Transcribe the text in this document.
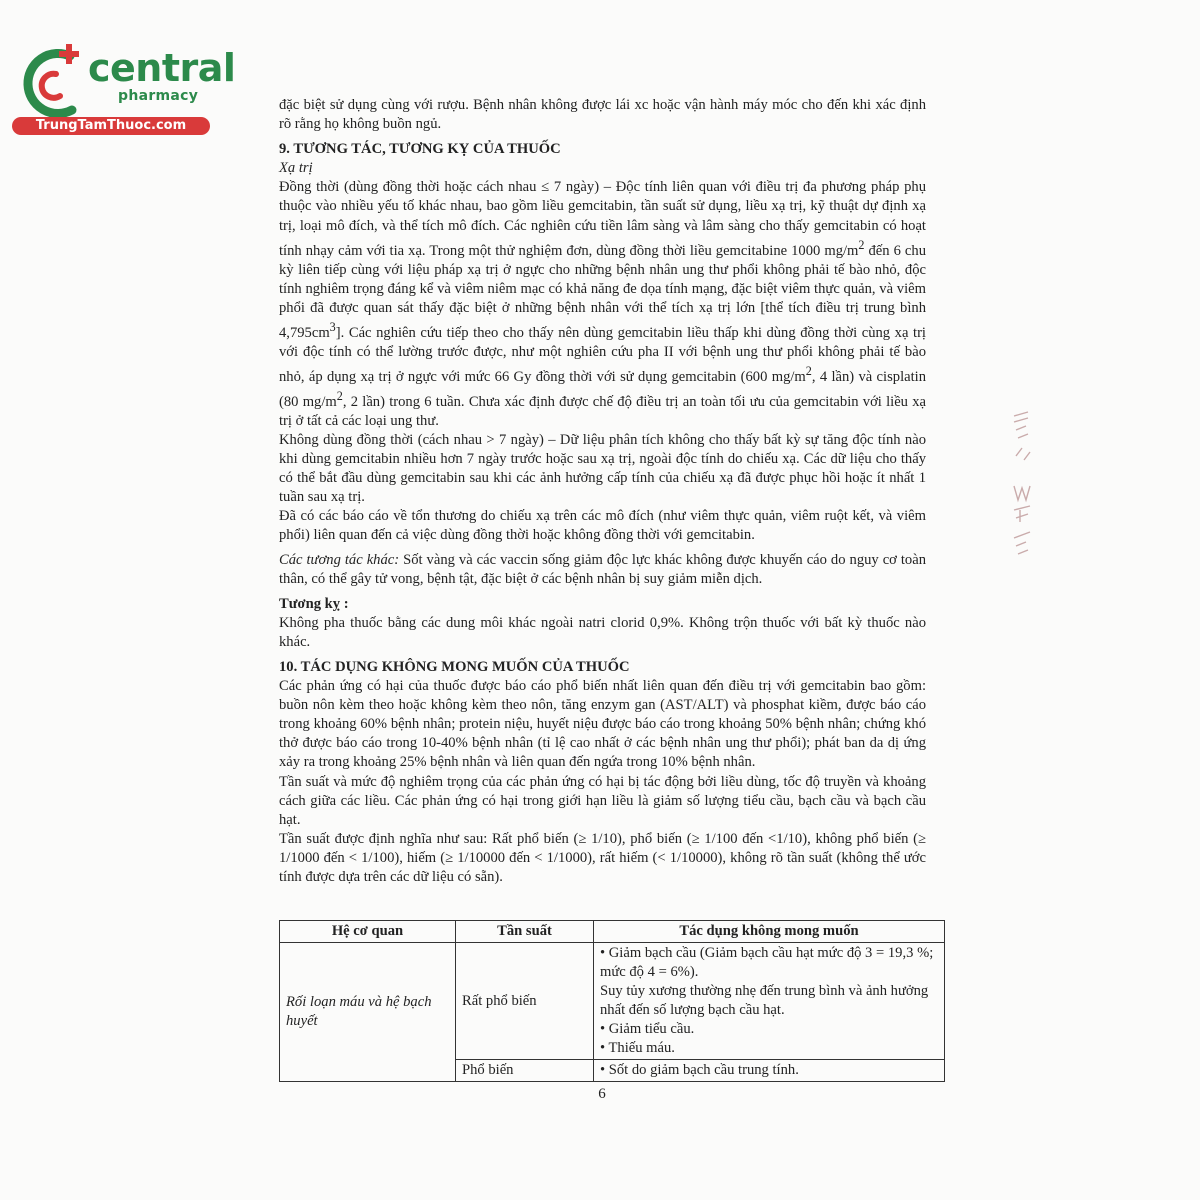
central
pharmacy
TrungTamThuoc.com

đặc biệt sử dụng cùng với rượu. Bệnh nhân không được lái xc hoặc vận hành máy móc cho đến khi xác định rõ rằng họ không buồn ngủ.

9. TƯƠNG TÁC, TƯƠNG KỴ CỦA THUỐC

Xạ trị

Đồng thời (dùng đồng thời hoặc cách nhau ≤ 7 ngày) – Độc tính liên quan với điều trị đa phương pháp phụ thuộc vào nhiều yếu tố khác nhau, bao gồm liều gemcitabin, tần suất sử dụng, liều xạ trị, kỹ thuật dự định xạ trị, loại mô đích, và thể tích mô đích. Các nghiên cứu tiền lâm sàng và lâm sàng cho thấy gemcitabin có hoạt tính nhạy cảm với tia xạ. Trong một thử nghiệm đơn, dùng đồng thời liều gemcitabine 1000 $mg/m^2$ đến 6 chu kỳ liên tiếp cùng với liệu pháp xạ trị ở ngực cho những bệnh nhân ung thư phổi không phải tế bào nhỏ, độc tính nghiêm trọng đáng kể và viêm niêm mạc có khả năng đe dọa tính mạng, đặc biệt viêm thực quản, và viêm phổi đã được quan sát thấy đặc biệt ở những bệnh nhân với thể tích xạ trị lớn [thể tích điều trị trung bình $4,795cm^3$]. Các nghiên cứu tiếp theo cho thấy nên dùng gemcitabin liều thấp khi dùng đồng thời cùng xạ trị với độc tính có thể lường trước được, như một nghiên cứu pha II với bệnh ung thư phổi không phải tế bào nhỏ, áp dụng xạ trị ở ngực với mức 66 Gy đồng thời với sử dụng gemcitabin (600 $mg/m^2$, 4 lần) và cisplatin (80 $mg/m^2$, 2 lần) trong 6 tuần. Chưa xác định được chế độ điều trị an toàn tối ưu của gemcitabin với liều xạ trị ở tất cả các loại ung thư.

Không dùng đồng thời (cách nhau > 7 ngày) – Dữ liệu phân tích không cho thấy bất kỳ sự tăng độc tính nào khi dùng gemcitabin nhiều hơn 7 ngày trước hoặc sau xạ trị, ngoài độc tính do chiếu xạ. Các dữ liệu cho thấy có thể bắt đầu dùng gemcitabin sau khi các ảnh hưởng cấp tính của chiếu xạ đã được phục hồi hoặc ít nhất 1 tuần sau xạ trị.

Đã có các báo cáo về tổn thương do chiếu xạ trên các mô đích (như viêm thực quản, viêm ruột kết, và viêm phổi) liên quan đến cả việc dùng đồng thời hoặc không đồng thời với gemcitabin.

Các tương tác khác: Sốt vàng và các vaccin sống giảm độc lực khác không được khuyến cáo do nguy cơ toàn thân, có thể gây tử vong, bệnh tật, đặc biệt ở các bệnh nhân bị suy giảm miễn dịch.

Tương kỵ :

Không pha thuốc bằng các dung môi khác ngoài natri clorid 0,9%. Không trộn thuốc với bất kỳ thuốc nào khác.

10. TÁC DỤNG KHÔNG MONG MUỐN CỦA THUỐC

Các phản ứng có hại của thuốc được báo cáo phổ biến nhất liên quan đến điều trị với gemcitabin bao gồm: buồn nôn kèm theo hoặc không kèm theo nôn, tăng enzym gan (AST/ALT) và phosphat kiềm, được báo cáo trong khoảng 60% bệnh nhân; protein niệu, huyết niệu được báo cáo trong khoảng 50% bệnh nhân; chứng khó thở được báo cáo trong 10-40% bệnh nhân (tỉ lệ cao nhất ở các bệnh nhân ung thư phổi); phát ban da dị ứng xảy ra trong khoảng 25% bệnh nhân và liên quan đến ngứa trong 10% bệnh nhân.

Tần suất và mức độ nghiêm trọng của các phản ứng có hại bị tác động bởi liều dùng, tốc độ truyền và khoảng cách giữa các liều. Các phản ứng có hại trong giới hạn liều là giảm số lượng tiểu cầu, bạch cầu và bạch cầu hạt.

Tần suất được định nghĩa như sau: Rất phổ biến (≥ 1/10), phổ biến (≥ 1/100 đến <1/10), không phổ biến (≥ 1/1000 đến < 1/100), hiếm (≥ 1/10000 đến < 1/1000), rất hiếm (< 1/10000), không rõ tần suất (không thể ước tính được dựa trên các dữ liệu có sẵn).

Hệ cơ quan	Tần suất	Tác dụng không mong muốn
Rối loạn máu và hệ bạch huyết	Rất phổ biến	• Giảm bạch cầu (Giảm bạch cầu hạt mức độ 3 = 19,3 %; mức độ 4 = 6%).
Suy tủy xương thường nhẹ đến trung bình và ảnh hưởng nhất đến số lượng bạch cầu hạt.
• Giảm tiểu cầu.
• Thiếu máu.

	Phổ biến	• Sốt do giảm bạch cầu trung tính.
6
